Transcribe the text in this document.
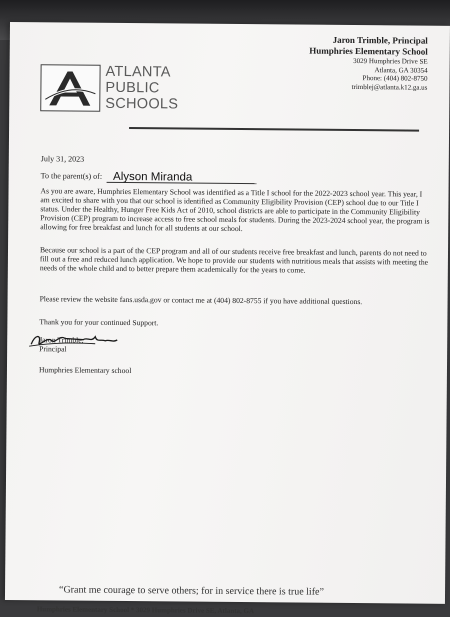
ATLANTA
PUBLIC
SCHOOLS
Jaron Trimble, Principal
Humphries Elementary School
3029 Humphries Drive SE
Atlanta, GA 30354
Phone: (404) 802-8750
trimblej@atlanta.k12.ga.us
July 31, 2023
To the parent(s) of: Alyson Miranda
As you are aware, Humphries Elementary School was identified as a Title I school for the 2022-2023 school year. This year, I am excited to share with you that our school is identified as Community Eligibility Provision (CEP) school due to our Title I status. Under the Healthy, Hunger Free Kids Act of 2010, school districts are able to participate in the Community Eligibility Provision (CEP) program to increase access to free school meals for students. During the 2023-2024 school year, the program is allowing for free breakfast and lunch for all students at our school.
Because our school is a part of the CEP program and all of our students receive free breakfast and lunch, parents do not need to fill out a free and reduced lunch application. We hope to provide our students with nutritious meals that assists with meeting the needs of the whole child and to better prepare them academically for the years to come.
Please review the website fans.usda.gov or contact me at (404) 802-8755 if you have additional questions.
Thank you for your continued Support.
Jaron Trimble,
Principal
Humphries Elementary school
“Grant me courage to serve others; for in service there is true life”
Humphries Elementary School * 3029 Humphries Drive SE, Atlanta, GA
